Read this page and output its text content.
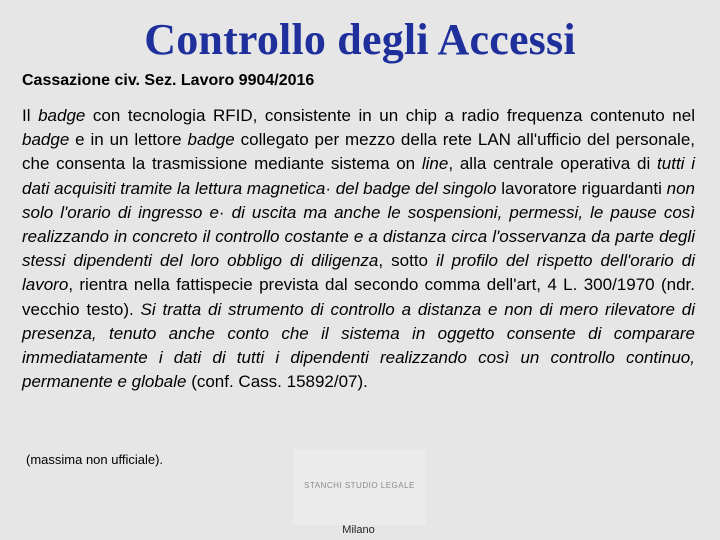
Controllo degli Accessi
Cassazione civ. Sez. Lavoro 9904/2016
Il badge con tecnologia RFID, consistente in un chip a radio frequenza contenuto nel badge e in un lettore badge collegato per mezzo della rete LAN all'ufficio del personale, che consenta la trasmissione mediante sistema on line, alla centrale operativa di tutti i dati acquisiti tramite la lettura magnetica· del badge del singolo lavoratore riguardanti non solo l'orario di ingresso e· di uscita ma anche le sospensioni, permessi, le pause così realizzando in concreto il controllo costante e a distanza circa l'osservanza da parte degli stessi dipendenti del loro obbligo di diligenza, sotto il profilo del rispetto dell'orario di lavoro, rientra nella fattispecie prevista dal secondo comma dell'art, 4 L. 300/1970 (ndr. vecchio testo). Si tratta di strumento di controllo a distanza e non di mero rilevatore di presenza, tenuto anche conto che il sistema in oggetto consente di comparare immediatamente i dati di tutti i dipendenti realizzando così un controllo continuo, permanente e globale (conf. Cass. 15892/07).
(massima non ufficiale).
STANCHI STUDIO LEGALE
Milano
